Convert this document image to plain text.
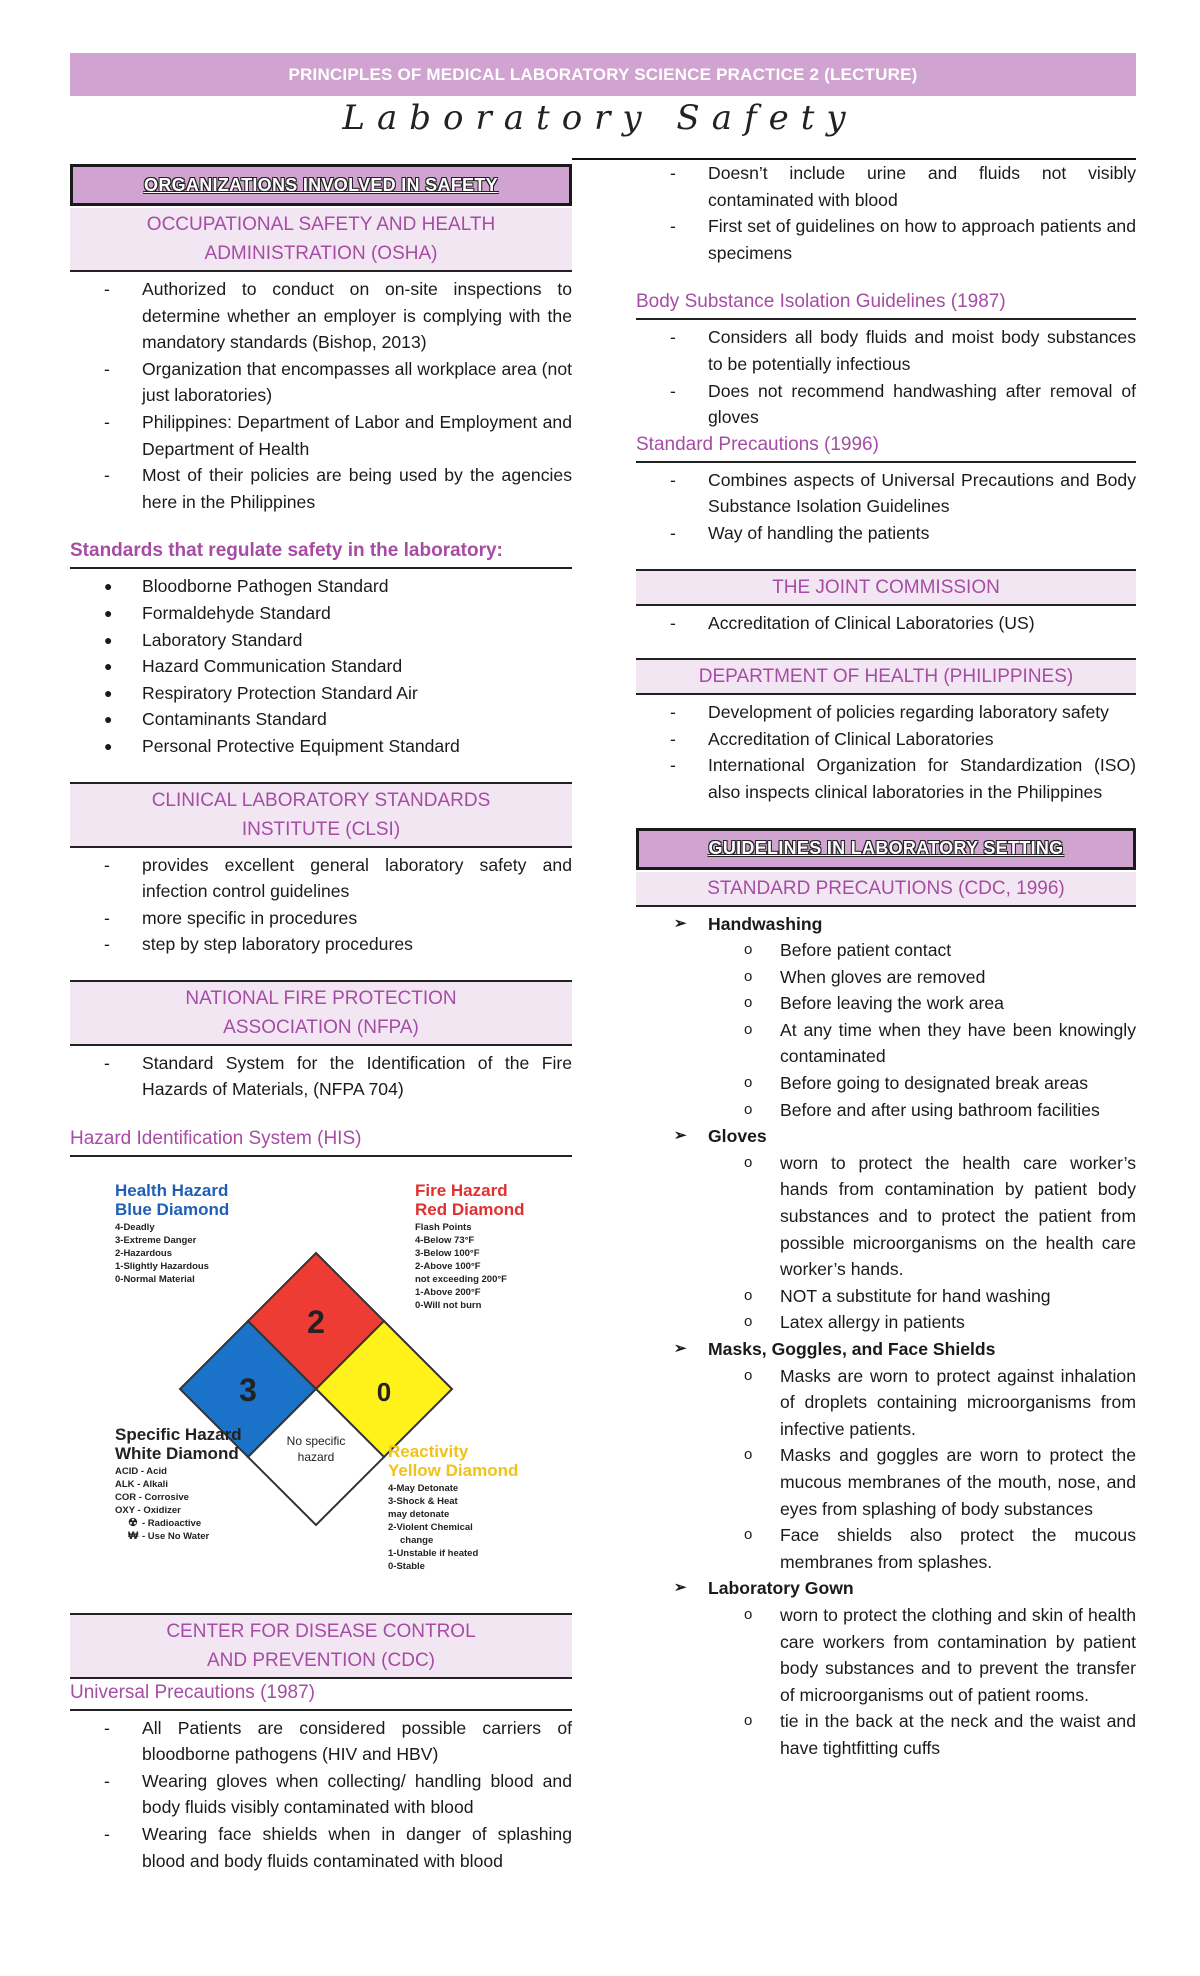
PRINCIPLES OF MEDICAL LABORATORY SCIENCE PRACTICE 2 (LECTURE)
Laboratory Safety
ORGANIZATIONS INVOLVED IN SAFETY
OCCUPATIONAL SAFETY AND HEALTH
ADMINISTRATION (OSHA)
- Authorized to conduct on on-site inspections to determine whether an employer is complying with the mandatory standards (Bishop, 2013)
- Organization that encompasses all workplace area (not just laboratories)
- Philippines: Department of Labor and Employment and Department of Health
- Most of their policies are being used by the agencies here in the Philippines
Standards that regulate safety in the laboratory:
● Bloodborne Pathogen Standard
● Formaldehyde Standard
● Laboratory Standard
● Hazard Communication Standard
● Respiratory Protection Standard Air
● Contaminants Standard
● Personal Protective Equipment Standard
CLINICAL LABORATORY STANDARDS
INSTITUTE (CLSI)
- provides excellent general laboratory safety and infection control guidelines
- more specific in procedures
- step by step laboratory procedures
NATIONAL FIRE PROTECTION
ASSOCIATION (NFPA)
- Standard System for the Identification of the Fire Hazards of Materials, (NFPA 704)
Hazard Identification System (HIS)
Health Hazard
Blue Diamond
4-Deadly
3-Extreme Danger
2-Hazardous
1-Slightly Hazardous
0-Normal Material
Fire Hazard
Red Diamond
Flash Points
4-Below 73°F
3-Below 100°F
2-Above 100°F
not exceeding 200°F
1-Above 200°F
0-Will not burn
2
3	0
No specific
hazard
Specific Hazard
White Diamond
ACID - Acid
ALK - Alkali
COR - Corrosive
OXY - Oxidizer
☢ - Radioactive
₩ - Use No Water
Reactivity
Yellow Diamond
4-May Detonate
3-Shock & Heat
may detonate
2-Violent Chemical
change
1-Unstable if heated
0-Stable
CENTER FOR DISEASE CONTROL
AND PREVENTION (CDC)
Universal Precautions (1987)
- All Patients are considered possible carriers of bloodborne pathogens (HIV and HBV)
- Wearing gloves when collecting/ handling blood and body fluids visibly contaminated with blood
- Wearing face shields when in danger of splashing blood and body fluids contaminated with blood
- Doesn’t include urine and fluids not visibly contaminated with blood
- First set of guidelines on how to approach patients and specimens
Body Substance Isolation Guidelines (1987)
- Considers all body fluids and moist body substances to be potentially infectious
- Does not recommend handwashing after removal of gloves
Standard Precautions (1996)
- Combines aspects of Universal Precautions and Body Substance Isolation Guidelines
- Way of handling the patients
THE JOINT COMMISSION
- Accreditation of Clinical Laboratories (US)
DEPARTMENT OF HEALTH (PHILIPPINES)
- Development of policies regarding laboratory safety
- Accreditation of Clinical Laboratories
- International Organization for Standardization (ISO) also inspects clinical laboratories in the Philippines
GUIDELINES IN LABORATORY SETTING
STANDARD PRECAUTIONS (CDC, 1996)
➢ Handwashing
o Before patient contact
o When gloves are removed
o Before leaving the work area
o At any time when they have been knowingly contaminated
o Before going to designated break areas
o Before and after using bathroom facilities
➢ Gloves
o worn to protect the health care worker’s hands from contamination by patient body substances and to protect the patient from possible microorganisms on the health care worker’s hands.
o NOT a substitute for hand washing
o Latex allergy in patients
➢ Masks, Goggles, and Face Shields
o Masks are worn to protect against inhalation of droplets containing microorganisms from infective patients.
o Masks and goggles are worn to protect the mucous membranes of the mouth, nose, and eyes from splashing of body substances
o Face shields also protect the mucous membranes from splashes.
➢ Laboratory Gown
o worn to protect the clothing and skin of health care workers from contamination by patient body substances and to prevent the transfer of microorganisms out of patient rooms.
o tie in the back at the neck and the waist and have tightfitting cuffs
